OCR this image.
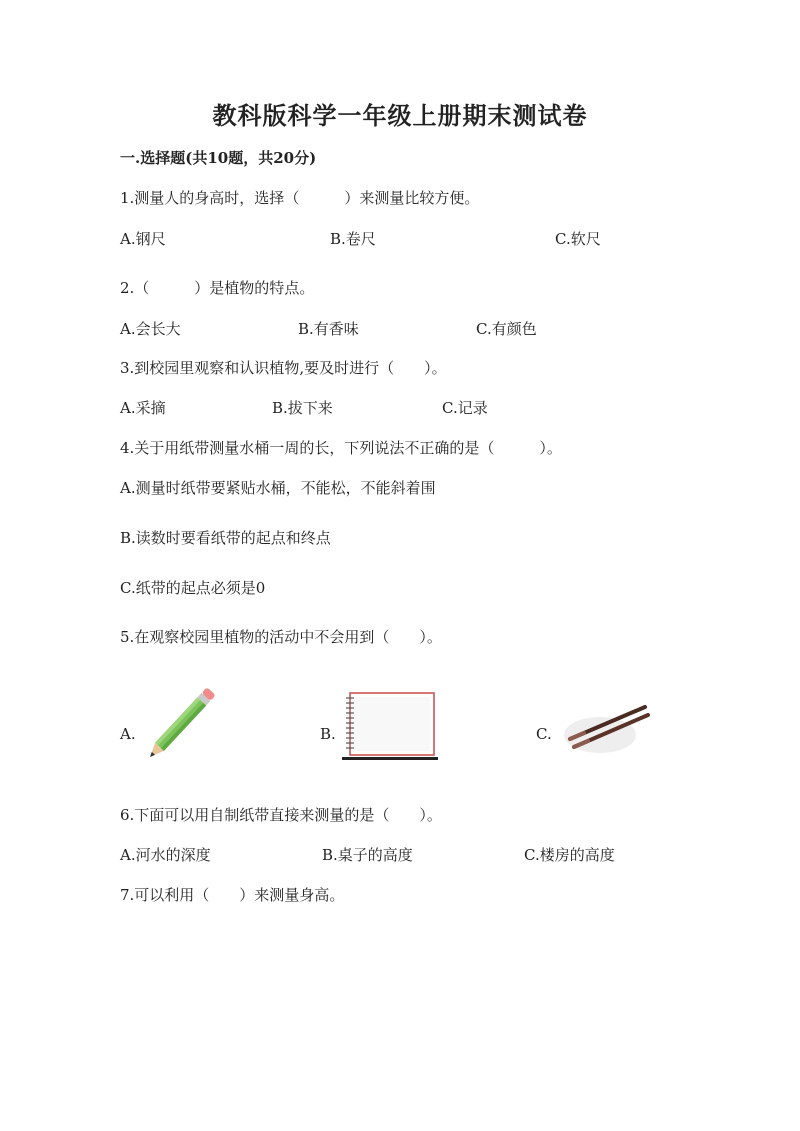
教科版科学一年级上册期末测试卷
一.选择题(共10题，共20分)
1.测量人的身高时，选择（　　　）来测量比较方便。
A.钢尺	B.卷尺	C.软尺
2.（　　　）是植物的特点。
A.会长大	B.有香味	C.有颜色
3.到校园里观察和认识植物,要及时进行（　　）。
A.采摘	B.拔下来	C.记录
4.关于用纸带测量水桶一周的长，下列说法不正确的是（　　　）。
A.测量时纸带要紧贴水桶，不能松，不能斜着围
B.读数时要看纸带的起点和终点
C.纸带的起点必须是0
5.在观察校园里植物的活动中不会用到（　　）。
A.	B.	C.
6.下面可以用自制纸带直接来测量的是（　　）。
A.河水的深度	B.桌子的高度	C.楼房的高度
7.可以利用（　　）来测量身高。
